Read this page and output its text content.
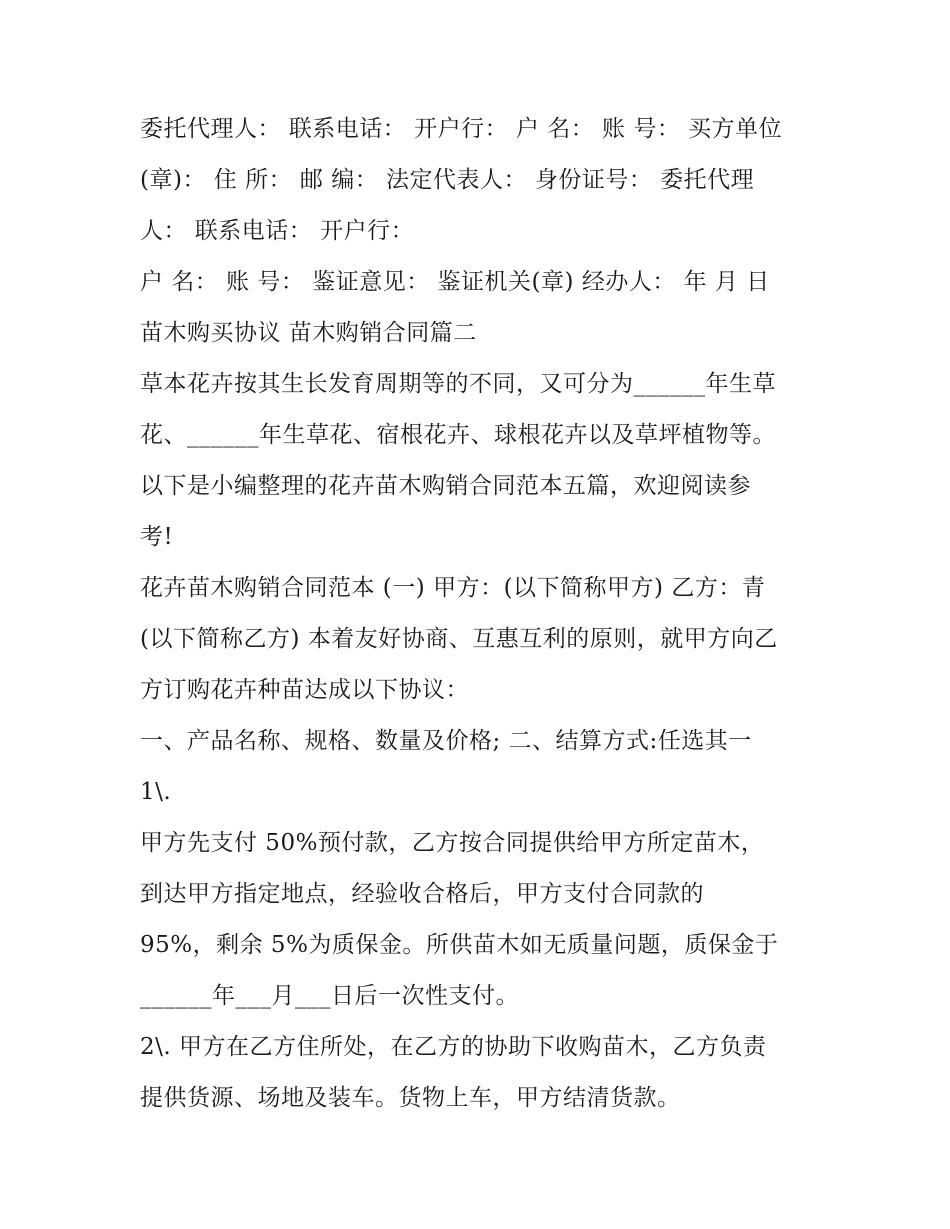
委托代理人： 联系电话： 开户行： 户 名： 账 号： 买方单位
(章)： 住 所： 邮 编： 法定代表人： 身份证号： 委托代理
人： 联系电话： 开户行：
户 名： 账 号： 鉴证意见： 鉴证机关(章) 经办人： 年 月 日
苗木购买协议 苗木购销合同篇二
草本花卉按其生长发育周期等的不同，又可分为______年生草
花、______年生草花、宿根花卉、球根花卉以及草坪植物等。
以下是小编整理的花卉苗木购销合同范本五篇，欢迎阅读参
考!
花卉苗木购销合同范本 (一) 甲方：(以下简称甲方) 乙方：青
(以下简称乙方) 本着友好协商、互惠互利的原则，就甲方向乙
方订购花卉种苗达成以下协议：
一、产品名称、规格、数量及价格; 二、结算方式:任选其一
1\.
甲方先支付 50%预付款，乙方按合同提供给甲方所定苗木，
到达甲方指定地点，经验收合格后，甲方支付合同款的
95%，剩余 5%为质保金。所供苗木如无质量问题，质保金于
______年___月___日后一次性支付。
2\. 甲方在乙方住所处，在乙方的协助下收购苗木，乙方负责
提供货源、场地及装车。货物上车，甲方结清货款。
